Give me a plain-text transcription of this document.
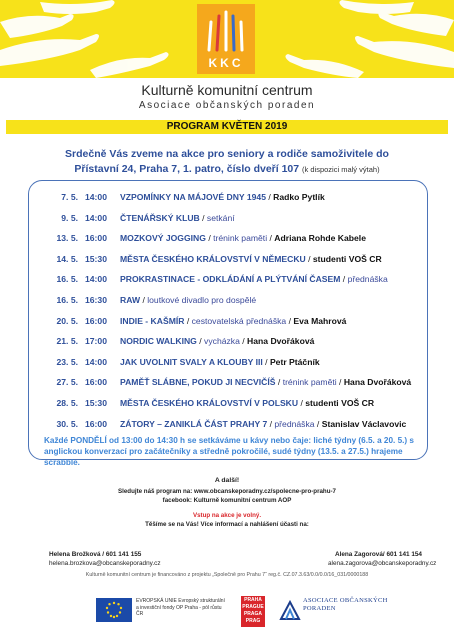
KKC
Kulturně komunitní centrum
Asociace občanských poraden
PROGRAM KVĚTEN 2019
Srdečně Vás zveme na akce pro seniory a rodiče samoživitele do
Přístavní 24, Praha 7, 1. patro, číslo dveří 107 (k dispozici malý výtah)
7. 5. 14:00	VZPOMÍNKY NA MÁJOVÉ DNY 1945 / Radko Pytlík
9. 5. 14:00	ČTENÁŘSKÝ KLUB / setkání
13. 5. 16:00	MOZKOVÝ JOGGING / trénink paměti / Adriana Rohde Kabele
14. 5. 15:30	MĚSTA ČESKÉHO KRÁLOVSTVÍ V NĚMECKU / studenti VOŠ CR
16. 5. 14:00	PROKRASTINACE - ODKLÁDÁNÍ A PLÝTVÁNÍ ČASEM / přednáška
16. 5. 16:30	RAW / loutkové divadlo pro dospělé
20. 5. 16:00	INDIE - KAŠMÍR / cestovatelská přednáška / Eva Mahrová
21. 5. 17:00	NORDIC WALKING / vycházka / Hana Dvořáková
23. 5. 14:00	JAK UVOLNIT SVALY A KLOUBY III / Petr Ptáčník
27. 5. 16:00	PAMĚŤ SLÁBNE, POKUD JI NECVIČÍŠ / trénink paměti / Hana Dvořáková
28. 5. 15:30	MĚSTA ČESKÉHO KRÁLOVSTVÍ V POLSKU / studenti VOŠ CR
30. 5. 16:00	ZÁTORY – ZANIKLÁ ČÁST PRAHY 7 / přednáška / Stanislav Václavovic
Každé PONDĚLÍ od 13:00 do 14:30 h se setkáváme u kávy nebo čaje: liché týdny (6.5. a 20. 5.) s anglickou konverzací pro začátečníky a středně pokročilé, sudé týdny (13.5. a 27.5.) hrajeme scrabble.
A další!
Sledujte náš program na: www.obcanskeporadny.cz/spolecne-pro-prahu-7
facebook: Kulturně komunitní centrum AOP
Vstup na akce je volný.
Těšíme se na Vás! Více informací a nahlášení účasti na:
Helena Brožková / 601 141 155
helena.brozkova@obcanskeporadny.cz
Alena Zagorová/ 601 141 154
alena.zagorova@obcanskeporadny.cz
Kulturně komunitní centrum je financováno z projektu „Společně pro Prahu 7“ reg.č. CZ.07.3.63/0.0/0.0/16_031/0000188
EVROPSKÁ UNIE Evropský strukturální a investiční fondy OP Praha - pól růstu ČR
PRAHA PRAGUE PRAGA PRAG
ASOCIACE OBČANSKÝCH PORADEN
